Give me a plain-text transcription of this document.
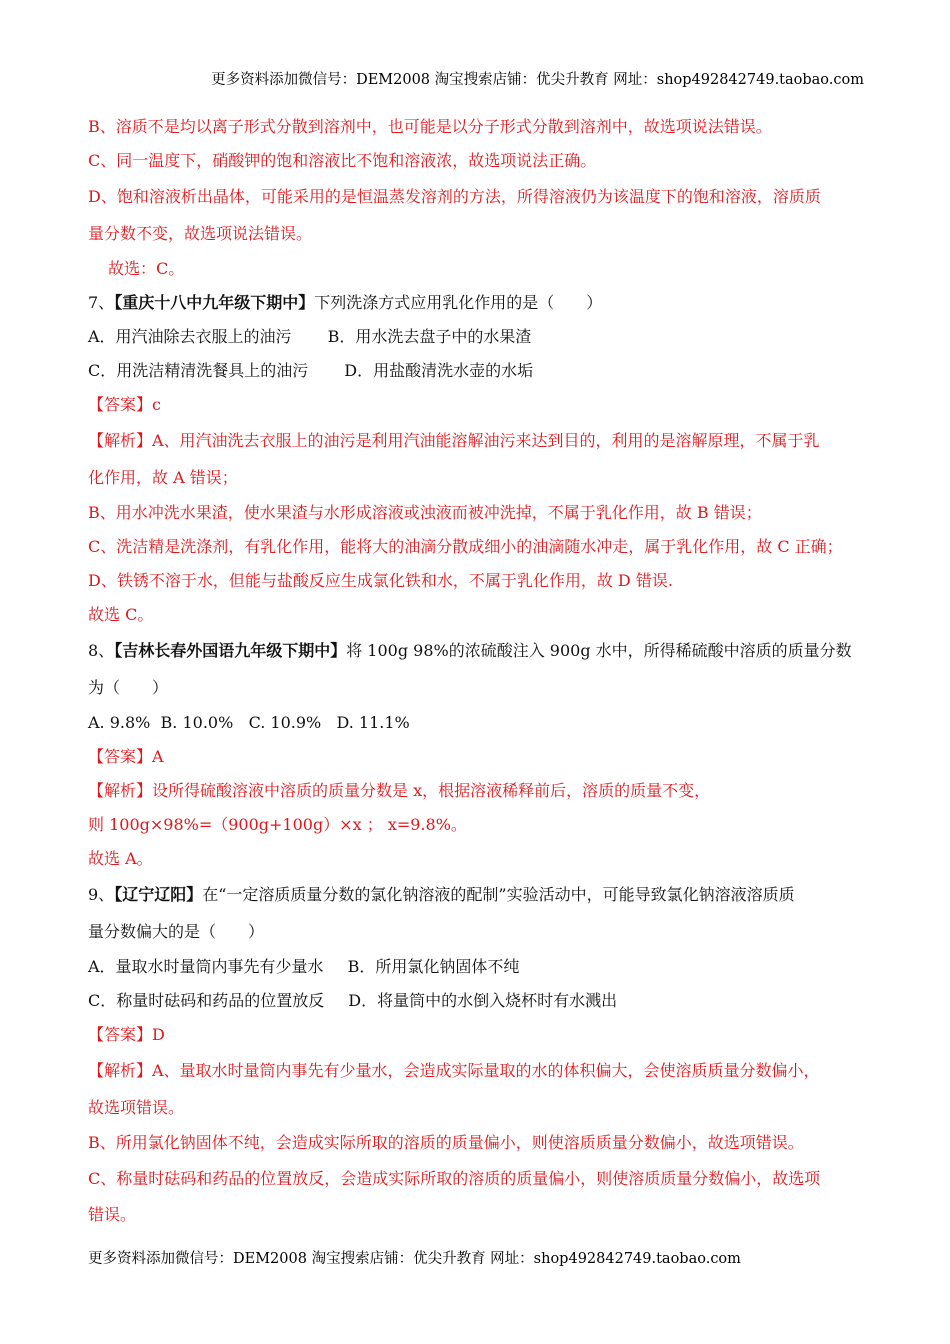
更多资料添加微信号：DEM2008 淘宝搜索店铺：优尖升教育 网址：shop492842749.taobao.com
B、溶质不是均以离子形式分散到溶剂中，也可能是以分子形式分散到溶剂中，故选项说法错误。
C、同一温度下，硝酸钾的饱和溶液比不饱和溶液浓，故选项说法正确。
D、饱和溶液析出晶体，可能采用的是恒温蒸发溶剂的方法，所得溶液仍为该温度下的饱和溶液，溶质质
量分数不变，故选项说法错误。
故选：C。
7、【重庆十八中九年级下期中】下列洗涤方式应用乳化作用的是（　　）
A．用汽油除去衣服上的油污 B．用水洗去盘子中的水果渣
C．用洗洁精清洗餐具上的油污 D．用盐酸清洗水壶的水垢
【答案】c
【解析】A、用汽油洗去衣服上的油污是利用汽油能溶解油污来达到目的，利用的是溶解原理，不属于乳
化作用，故 A 错误；
B、用水冲洗水果渣，使水果渣与水形成溶液或浊液而被冲洗掉，不属于乳化作用，故 B 错误；
C、洗洁精是洗涤剂，有乳化作用，能将大的油滴分散成细小的油滴随水冲走，属于乳化作用，故 C 正确；
D、铁锈不溶于水，但能与盐酸反应生成氯化铁和水，不属于乳化作用，故 D 错误.
故选 C。
8、【吉林长春外国语九年级下期中】将 100g 98%的浓硫酸注入 900g 水中，所得稀硫酸中溶质的质量分数
为（　　）
A. 9.8%  B. 10.0%   C. 10.9%   D. 11.1%
【答案】A
【解析】设所得硫酸溶液中溶质的质量分数是 x，根据溶液稀释前后，溶质的质量不变，
则 100g×98%=（900g+100g）×x ； x=9.8%。
故选 A。
9、【辽宁辽阳】在“一定溶质质量分数的氯化钠溶液的配制”实验活动中，可能导致氯化钠溶液溶质质
量分数偏大的是（　　）
A．量取水时量筒内事先有少量水 B．所用氯化钠固体不纯
C．称量时砝码和药品的位置放反 D．将量筒中的水倒入烧杯时有水溅出
【答案】D
【解析】A、量取水时量筒内事先有少量水，会造成实际量取的水的体积偏大，会使溶质质量分数偏小，
故选项错误。
B、所用氯化钠固体不纯，会造成实际所取的溶质的质量偏小，则使溶质质量分数偏小，故选项错误。
C、称量时砝码和药品的位置放反，会造成实际所取的溶质的质量偏小，则使溶质质量分数偏小，故选项
错误。
更多资料添加微信号：DEM2008 淘宝搜索店铺：优尖升教育 网址：shop492842749.taobao.com
